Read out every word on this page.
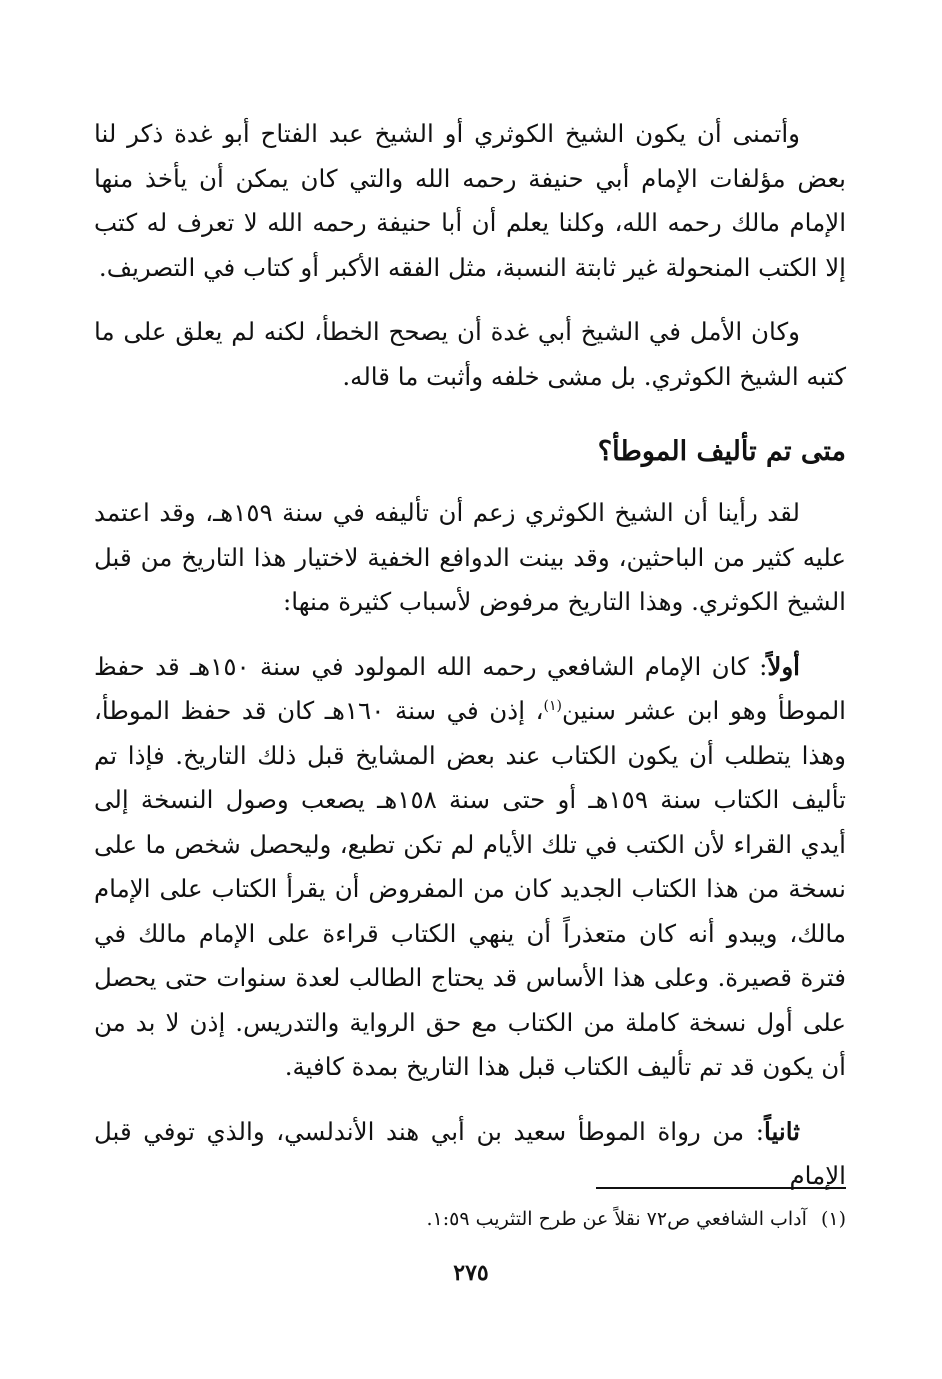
وأتمنى أن يكون الشيخ الكوثري أو الشيخ عبد الفتاح أبو غدة ذكر لنا بعض مؤلفات الإمام أبي حنيفة رحمه الله والتي كان يمكن أن يأخذ منها الإمام مالك رحمه الله، وكلنا يعلم أن أبا حنيفة رحمه الله لا تعرف له كتب إلا الكتب المنحولة غير ثابتة النسبة، مثل الفقه الأكبر أو كتاب في التصريف.

وكان الأمل في الشيخ أبي غدة أن يصحح الخطأ، لكنه لم يعلق على ما كتبه الشيخ الكوثري. بل مشى خلفه وأثبت ما قاله.

متى تم تأليف الموطأ؟

لقد رأينا أن الشيخ الكوثري زعم أن تأليفه في سنة ١٥٩هـ، وقد اعتمد عليه كثير من الباحثين، وقد بينت الدوافع الخفية لاختيار هذا التاريخ من قبل الشيخ الكوثري. وهذا التاريخ مرفوض لأسباب كثيرة منها:

أولاً: كان الإمام الشافعي رحمه الله المولود في سنة ١٥٠هـ قد حفظ الموطأ وهو ابن عشر سنين$^{(١)}$، إذن في سنة ١٦٠هـ كان قد حفظ الموطأ، وهذا يتطلب أن يكون الكتاب عند بعض المشايخ قبل ذلك التاريخ. فإذا تم تأليف الكتاب سنة ١٥٩هـ أو حتى سنة ١٥٨هـ يصعب وصول النسخة إلى أيدي القراء لأن الكتب في تلك الأيام لم تكن تطبع، وليحصل شخص ما على نسخة من هذا الكتاب الجديد كان من المفروض أن يقرأ الكتاب على الإمام مالك، ويبدو أنه كان متعذراً أن ينهي الكتاب قراءة على الإمام مالك في فترة قصيرة. وعلى هذا الأساس قد يحتاج الطالب لعدة سنوات حتى يحصل على أول نسخة كاملة من الكتاب مع حق الرواية والتدريس. إذن لا بد من أن يكون قد تم تأليف الكتاب قبل هذا التاريخ بمدة كافية.

ثانياً: من رواة الموطأ سعيد بن أبي هند الأندلسي، والذي توفي قبل الإمام

(١)آداب الشافعي ص٧٢ نقلاً عن طرح التثريب ١:٥٩.
٢٧٥
